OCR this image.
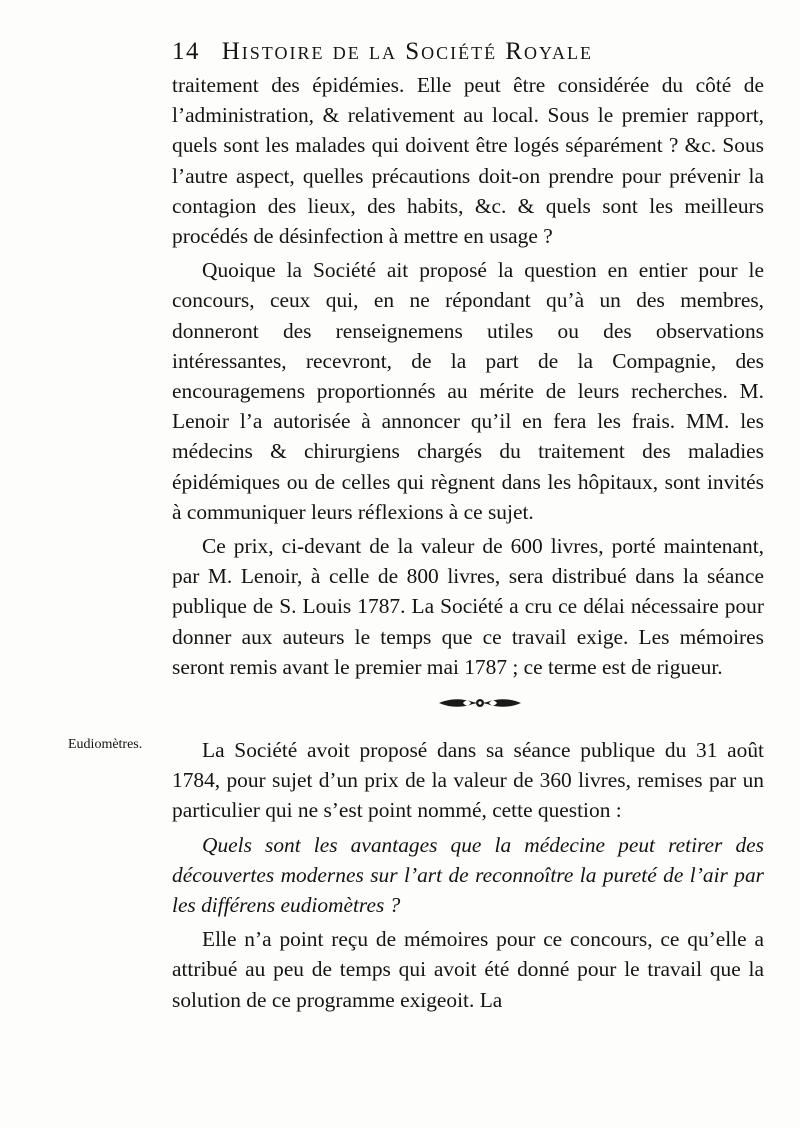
14 Histoire de la Société Royale

traitement des épidémies. Elle peut être considérée du côté de l’administration, & relativement au local. Sous le premier rapport, quels sont les malades qui doivent être logés séparément ? &c. Sous l’autre aspect, quelles précautions doit-on prendre pour prévenir la contagion des lieux, des habits, &c. & quels sont les meilleurs procédés de désinfection à mettre en usage ?

Quoique la Société ait proposé la question en entier pour le concours, ceux qui, en ne répondant qu’à un des membres, donneront des renseignemens utiles ou des observations intéressantes, recevront, de la part de la Compagnie, des encouragemens proportionnés au mérite de leurs recherches. M. Lenoir l’a autorisée à annoncer qu’il en fera les frais. MM. les médecins & chirurgiens chargés du traitement des maladies épidémiques ou de celles qui règnent dans les hôpitaux, sont invités à communiquer leurs réflexions à ce sujet.

Ce prix, ci-devant de la valeur de 600 livres, porté maintenant, par M. Lenoir, à celle de 800 livres, sera distribué dans la séance publique de S. Louis 1787. La Société a cru ce délai nécessaire pour donner aux auteurs le temps que ce travail exige. Les mémoires seront remis avant le premier mai 1787 ; ce terme est de rigueur.

Eudiomètres.	La Société avoit proposé dans sa séance publique du 31 août 1784, pour sujet d’un prix de la valeur de 360 livres, remises par un particulier qui ne s’est point nommé, cette question :

Quels sont les avantages que la médecine peut retirer des découvertes modernes sur l’art de reconnoître la pureté de l’air par les différens eudiomètres ?

Elle n’a point reçu de mémoires pour ce concours, ce qu’elle a attribué au peu de temps qui avoit été donné pour le travail que la solution de ce programme exigeoit. La
